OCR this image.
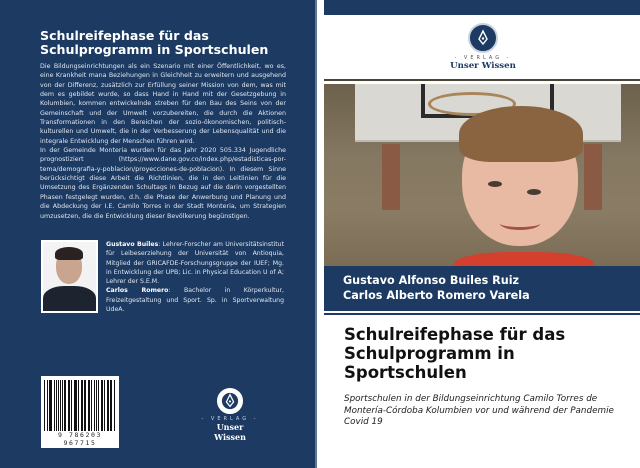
Schulreifephase für das Schulprogramm in Sportschulen

Die Bildungseinrichtungen als ein Szenario mit einer Öffentlichkeit, wo es, eine Krankheit mana Beziehungen in Gleichheit zu erweitern und ausgehend von der Differenz, zusätzlich zur Erfüllung seiner Mission von dem, was mit dem es gebildet wurde, so dass Hand in Hand mit der Gesetzgebung in Kolumbien, kommen entwickelnde streben für den Bau des Seins von der Gemeinschaft und der Umwelt vorzubereiten, die durch die Aktionen Transformationen in den Bereichen der sozio-ökonomischen, politisch-kulturellen und Umwelt, die in der Verbesserung der Lebensqualität und die integrale Entwicklung der Menschen führen wird.

In der Gemeinde Monteria wurden für das Jahr 2020 505.334 Jugendliche prognostiziert (https://www.dane.gov.co/index.php/estadisticas-por-tema/demografia-y-poblacion/proyecciones-de-poblacion). In diesem Sinne berücksichtigt diese Arbeit die Richtlinien, die in den Leitlinien für die Umsetzung des Ergänzenden Schultags in Bezug auf die darin vorgestellten Phasen festgelegt wurden, d.h. die Phase der Anwerbung und Planung und die Abdeckung der I.E. Camilo Torres in der Stadt Monteria, um Strategien umzusetzen, die die Entwicklung dieser Bevölkerung begünstigen.

Gustavo Builes: Lehrer-Forscher am Universitätsinstitut für Leibeserziehung der Universität von Antioquia, Mitglied der GRICAFDE-Forschungsgruppe der IUEF; Mg. in Entwicklung der UPB; Lic. in Physical Education U of A; Lehrer der S.E.M.
Carlos Romero: Bachelor in Körperkultur, Freizeitgestaltung und Sport. Sp. in Sportverwaltung UdeA.
9 786203 967715
- VERLAG -
Unser Wissen
- VERLAG -
Unser Wissen
Gustavo Alfonso Builes Ruiz
Carlos Alberto Romero Varela
Schulreifephase für das Schulprogramm in Sportschulen
Sportschulen in der Bildungseinrichtung Camilo Torres de Montería-Córdoba Kolumbien vor und während der Pandemie Covid 19
